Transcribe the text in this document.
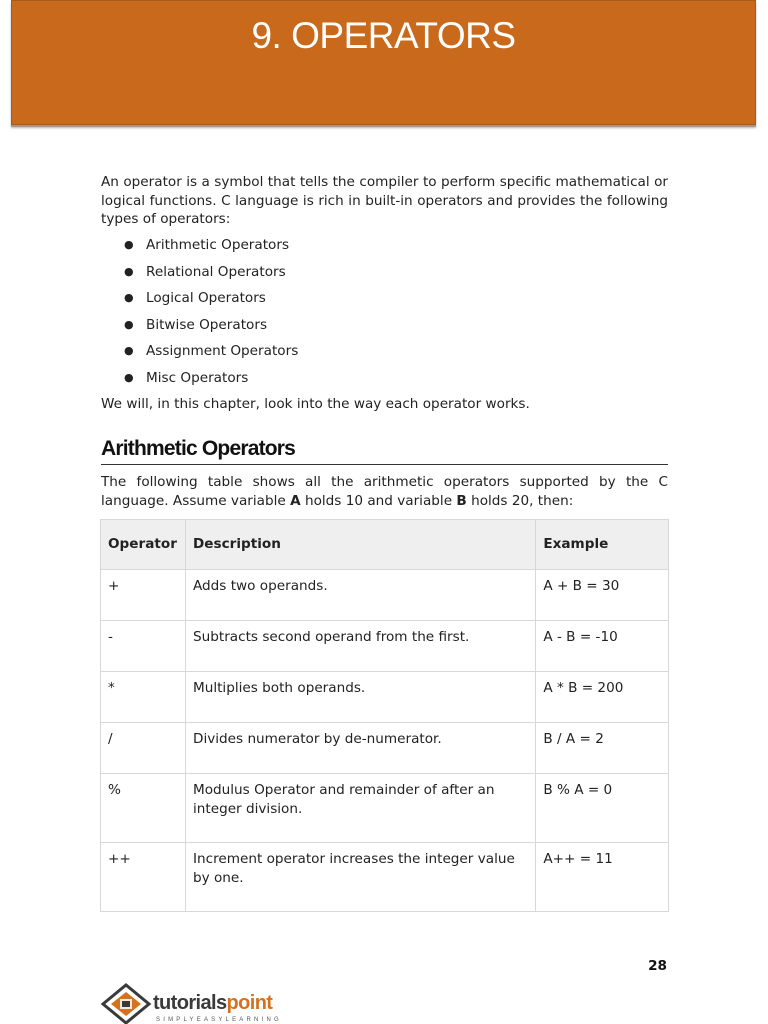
9. OPERATORS
An operator is a symbol that tells the compiler to perform specific mathematical or logical functions. C language is rich in built-in operators and provides the following types of operators:
● Arithmetic Operators
● Relational Operators
● Logical Operators
● Bitwise Operators
● Assignment Operators
● Misc Operators
We will, in this chapter, look into the way each operator works.
Arithmetic Operators
The following table shows all the arithmetic operators supported by the C language. Assume variable A holds 10 and variable B holds 20, then:
Operator	Description	Example
+	Adds two operands.	A + B = 30
-	Subtracts second operand from the first.	A - B = -10
*	Multiplies both operands.	A * B = 200
/	Divides numerator by de-numerator.	B / A = 2
%	Modulus Operator and remainder of after an integer division.	B % A = 0
++	Increment operator increases the integer value by one.	A++ = 11
28
tutorialspoint
SIMPLYEASYLEARNING
